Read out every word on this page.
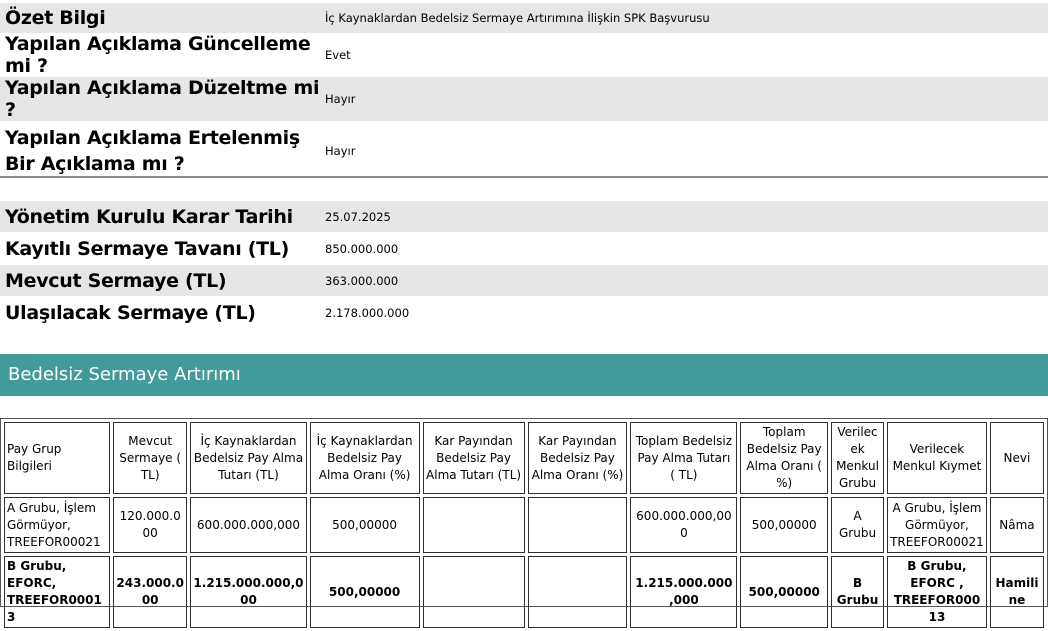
Özet Bilgi	İç Kaynaklardan Bedelsiz Sermaye Artırımına İlişkin SPK Başvurusu
Yapılan Açıklama Güncelleme mi ?	Evet
Yapılan Açıklama Düzeltme mi ?	Hayır
Yapılan Açıklama Ertelenmiş Bir Açıklama mı ?	Hayır
Yönetim Kurulu Karar Tarihi	25.07.2025
Kayıtlı Sermaye Tavanı (TL)	850.000.000
Mevcut Sermaye (TL)	363.000.000
Ulaşılacak Sermaye (TL)	2.178.000.000
Bedelsiz Sermaye Artırımı
Pay Grup Bilgileri	Mevcut Sermaye ( TL)	İç Kaynaklardan Bedelsiz Pay Alma Tutarı (TL)	İç Kaynaklardan Bedelsiz Pay Alma Oranı (%)	Kar Payından Bedelsiz Pay Alma Tutarı (TL)	Kar Payından Bedelsiz Pay Alma Oranı (%)	Toplam Bedelsiz Pay Alma Tutarı ( TL)	Toplam Bedelsiz Pay Alma Oranı ( %)	Verilecek Menkul Grubu	Verilecek Menkul Kıymet	Nevi
A Grubu, İşlem Görmüyor, TREEFOR00021	120.000.000	600.000.000,000	500,00000			600.000.000,000	500,00000	A Grubu	A Grubu, İşlem Görmüyor, TREEFOR00021	Nâma
B Grubu, EFORC, TREEFOR00013	243.000.000	1.215.000.000,000	500,00000			1.215.000.000,000	500,00000	B Grubu	B Grubu, EFORC , TREEFOR00013	Hamiline
